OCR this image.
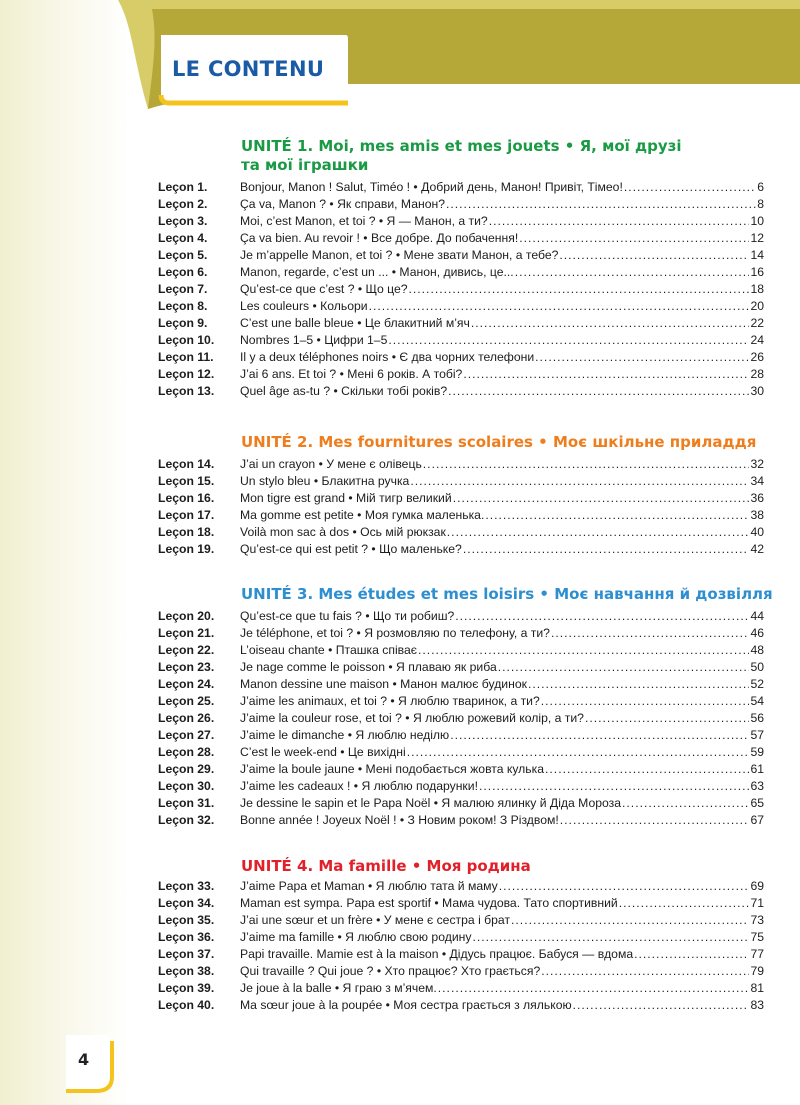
LE CONTENU
UNITÉ 1. Moi, mes amis et mes jouets • Я, мої друзі
та мої іграшки
UNITÉ 2. Mes fournitures scolaires • Моє шкільне приладдя
UNITÉ 3. Mes études et mes loisirs • Моє навчання й дозвілля
UNITÉ 4. Ma famille • Моя родина
Leçon 1.	Bonjour, Manon ! Salut, Timéo ! • Добрий день, Манон! Привіт, Тімео! .....	6
Leçon 2.	Ça va, Manon ? • Як справи, Манон? .....	8
Leçon 3.	Moi, c’est Manon, et toi ? • Я — Манон, а ти? .....	10
Leçon 4.	Ça va bien. Au revoir ! • Все добре. До побачення! .....	12
Leçon 5.	Je m’appelle Manon, et toi ? • Мене звати Манон, а тебе? .....	14
Leçon 6.	Manon, regarde, c’est un ... • Манон, дивись, це... .....	16
Leçon 7.	Qu’est-ce que c’est ? • Що це? .....	18
Leçon 8.	Les couleurs • Кольори .....	20
Leçon 9.	C’est une balle bleue • Це блакитний м’яч .....	22
Leçon 10.	Nombres 1–5 • Цифри 1–5 .....	24
Leçon 11.	Il y a deux téléphones noirs • Є два чорних телефони .....	26
Leçon 12.	J’ai 6 ans. Et toi ? • Мені 6 років. А тобі? .....	28
Leçon 13.	Quel âge as-tu ? • Скільки тобі років? .....	30
Leçon 14.	J’ai un crayon • У мене є олівець .....	32
Leçon 15.	Un stylo bleu • Блакитна ручка .....	34
Leçon 16.	Mon tigre est grand • Мій тигр великий .....	36
Leçon 17.	Ma gomme est petite • Моя гумка маленька. .....	38
Leçon 18.	Voilà mon sac à dos • Ось мій рюкзак .....	40
Leçon 19.	Qu’est-ce qui est petit ? • Що маленьке? .....	42
Leçon 20.	Qu’est-ce que tu fais ? • Що ти робиш? .....	44
Leçon 21.	Je téléphone, et toi ? • Я розмовляю по телефону, а ти? .....	46
Leçon 22.	L’oiseau chante • Пташка співає .....	48
Leçon 23.	Je nage comme le poisson • Я плаваю як риба .....	50
Leçon 24.	Manon dessine une maison • Манон малює будинок .....	52
Leçon 25.	J’aime les animaux, et toi ? • Я люблю тваринок, а ти? .....	54
Leçon 26.	J’aime la couleur rose, et toi ? • Я люблю рожевий колір, а ти? .....	56
Leçon 27.	J’aime le dimanche • Я люблю неділю .....	57
Leçon 28.	C’est le week-end • Це вихідні .....	59
Leçon 29.	J’aime la boule jaune • Мені подобається жовта кулька .....	61
Leçon 30.	J’aime les cadeaux ! • Я люблю подарунки! .....	63
Leçon 31.	Je dessine le sapin et le Papa Noël • Я малюю ялинку й Діда Мороза .....	65
Leçon 32.	Bonne année ! Joyeux Noël ! • З Новим роком! З Різдвом! .....	67
Leçon 33.	J’aime Papa et Maman • Я люблю тата й маму .....	69
Leçon 34.	Maman est sympa. Papa est sportif • Мама чудова. Тато спортивний .....	71
Leçon 35.	J’ai une sœur et un frère • У мене є сестра і брат .....	73
Leçon 36.	J’aime ma famille • Я люблю свою родину .....	75
Leçon 37.	Papi travaille. Mamie est à la maison • Дідусь працює. Бабуся — вдома .....	77
Leçon 38.	Qui travaille ? Qui joue ? • Хто працює? Хто грається? .....	79
Leçon 39.	Je joue à la balle • Я граю з м’ячем. .....	81
Leçon 40.	Ma sœur joue à la poupée • Моя сестра грається з лялькою .....	83
4
